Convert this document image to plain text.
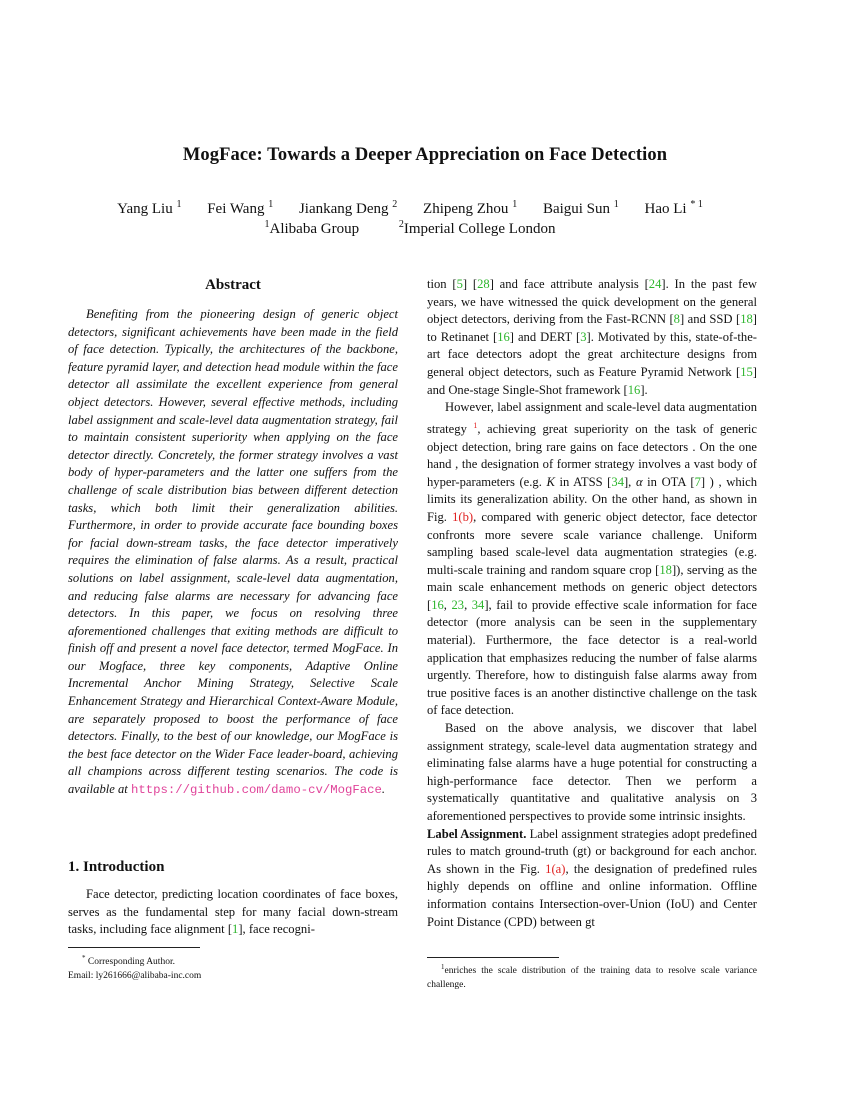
MogFace: Towards a Deeper Appreciation on Face Detection
Yang Liu $^1$ Fei Wang $^1$ Jiankang Deng $^2$ Zhipeng Zhou $^1$ Baigui Sun $^1$ Hao Li $^{* 1}$
$^1$Alibaba Group	$^2$Imperial College London
Abstract

Benefiting from the pioneering design of generic object detectors, significant achievements have been made in the field of face detection. Typically, the architectures of the backbone, feature pyramid layer, and detection head module within the face detector all assimilate the excellent experience from general object detectors. However, several effective methods, including label assignment and scale-level data augmentation strategy, fail to maintain consistent superiority when applying on the face detector directly. Concretely, the former strategy involves a vast body of hyper-parameters and the latter one suffers from the challenge of scale distribution bias between different detection tasks, which both limit their generalization abilities. Furthermore, in order to provide accurate face bounding boxes for facial down-stream tasks, the face detector imperatively requires the elimination of false alarms. As a result, practical solutions on label assignment, scale-level data augmentation, and reducing false alarms are necessary for advancing face detectors. In this paper, we focus on resolving three aforementioned challenges that exiting methods are difficult to finish off and present a novel face detector, termed MogFace. In our Mogface, three key components, Adaptive Online Incremental Anchor Mining Strategy, Selective Scale Enhancement Strategy and Hierarchical Context-Aware Module, are separately proposed to boost the performance of face detectors. Finally, to the best of our knowledge, our MogFace is the best face detector on the Wider Face leader-board, achieving all champions across different testing scenarios. The code is available at https://github.com/damo-cv/MogFace.

1. Introduction

Face detector, predicting location coordinates of face boxes, serves as the fundamental step for many facial down-stream tasks, including face alignment [1], face recogni-

* Corresponding Author.
Email: ly261666@alibaba-inc.com

tion [5] [28] and face attribute analysis [24]. In the past few years, we have witnessed the quick development on the general object detectors, deriving from the Fast-RCNN [8] and SSD [18] to Retinanet [16] and DERT [3]. Motivated by this, state-of-the-art face detectors adopt the great architecture designs from general object detectors, such as Feature Pyramid Network [15] and One-stage Single-Shot framework [16].

However, label assignment and scale-level data augmentation strategy $^1$, achieving great superiority on the task of generic object detection, bring rare gains on face detectors . On the one hand , the designation of former strategy involves a vast body of hyper-parameters (e.g. K in ATSS [34], α in OTA [7] ) , which limits its generalization ability. On the other hand, as shown in Fig. 1(b), compared with generic object detector, face detector confronts more severe scale variance challenge. Uniform sampling based scale-level data augmentation strategies (e.g. multi-scale training and random square crop [18]), serving as the main scale enhancement methods on generic object detectors [16, 23, 34], fail to provide effective scale information for face detector (more analysis can be seen in the supplementary material). Furthermore, the face detector is a real-world application that emphasizes reducing the number of false alarms urgently. Therefore, how to distinguish false alarms away from true positive faces is an another distinctive challenge on the task of face detection.

Based on the above analysis, we discover that label assignment strategy, scale-level data augmentation strategy and eliminating false alarms have a huge potential for constructing a high-performance face detector. Then we perform a systematically quantitative and qualitative analysis on 3 aforementioned perspectives to provide some intrinsic insights.

Label Assignment. Label assignment strategies adopt predefined rules to match ground-truth (gt) or background for each anchor. As shown in the Fig. 1(a), the designation of predefined rules highly depends on offline and online information. Offline information contains Intersection-over-Union (IoU) and Center Point Distance (CPD) between gt

$^1$enriches the scale distribution of the training data to resolve scale variance challenge.
